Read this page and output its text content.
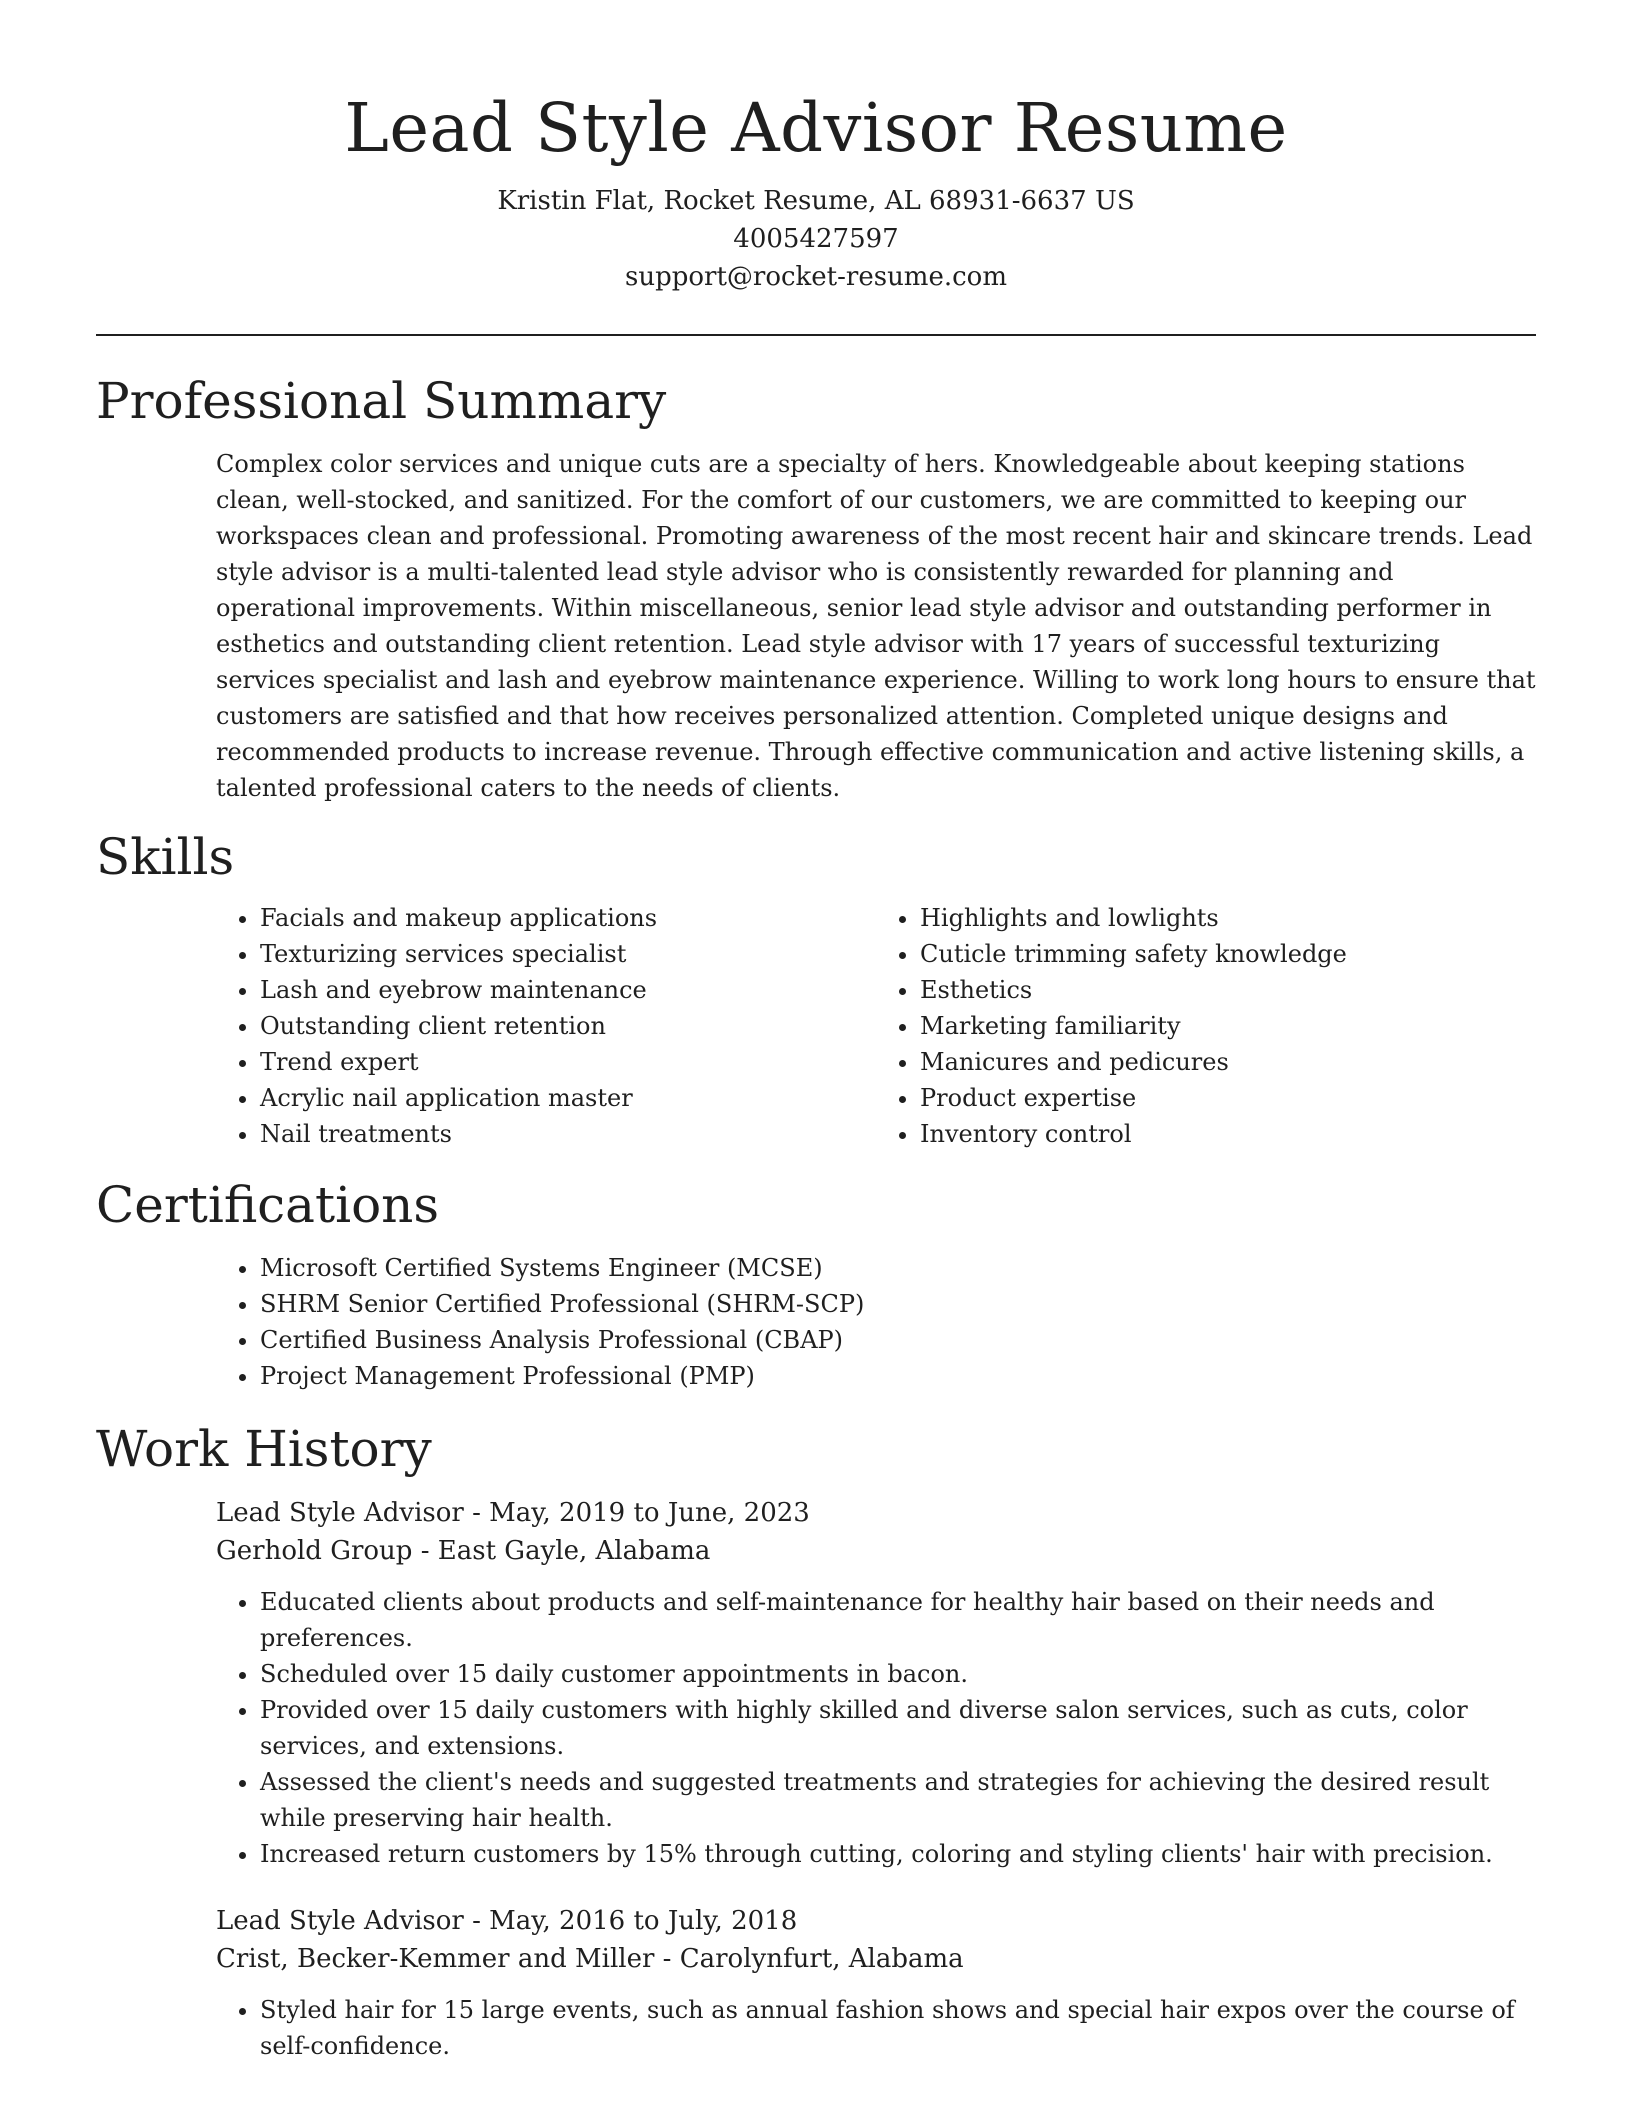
Lead Style Advisor Resume
Kristin Flat, Rocket Resume, AL 68931-6637 US
4005427597
support@rocket-resume.com
Professional Summary

Complex color services and unique cuts are a specialty of hers. Knowledgeable about keeping stations clean, well-stocked, and sanitized. For the comfort of our customers, we are committed to keeping our workspaces clean and professional. Promoting awareness of the most recent hair and skincare trends. Lead style advisor is a multi-talented lead style advisor who is consistently rewarded for planning and operational improvements. Within miscellaneous, senior lead style advisor and outstanding performer in esthetics and outstanding client retention. Lead style advisor with 17 years of successful texturizing services specialist and lash and eyebrow maintenance experience. Willing to work long hours to ensure that customers are satisfied and that how receives personalized attention. Completed unique designs and recommended products to increase revenue. Through effective communication and active listening skills, a talented professional caters to the needs of clients.

Skills
• Facials and makeup applications
• Texturizing services specialist
• Lash and eyebrow maintenance
• Outstanding client retention
• Trend expert
• Acrylic nail application master
• Nail treatments
• Highlights and lowlights
• Cuticle trimming safety knowledge
• Esthetics
• Marketing familiarity
• Manicures and pedicures
• Product expertise
• Inventory control
Certifications
• Microsoft Certified Systems Engineer (MCSE)
• SHRM Senior Certified Professional (SHRM-SCP)
• Certified Business Analysis Professional (CBAP)
• Project Management Professional (PMP)
Work History
Lead Style Advisor - May, 2019 to June, 2023
Gerhold Group - East Gayle, Alabama
• Educated clients about products and self-maintenance for healthy hair based on their needs and preferences.
• Scheduled over 15 daily customer appointments in bacon.
• Provided over 15 daily customers with highly skilled and diverse salon services, such as cuts, color services, and extensions.
• Assessed the client's needs and suggested treatments and strategies for achieving the desired result while preserving hair health.
• Increased return customers by 15% through cutting, coloring and styling clients' hair with precision.
Lead Style Advisor - May, 2016 to July, 2018
Crist, Becker-Kemmer and Miller - Carolynfurt, Alabama
• Styled hair for 15 large events, such as annual fashion shows and special hair expos over the course of self-confidence.
